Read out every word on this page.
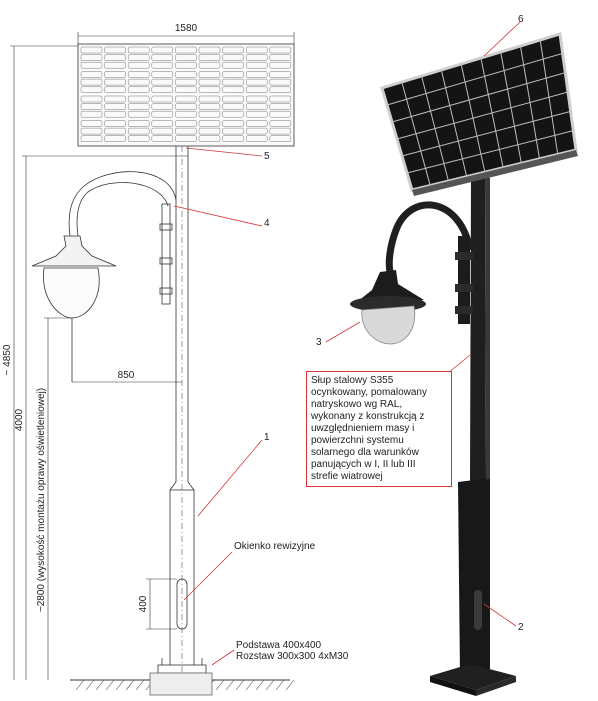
1580
~ 4850
4000 ~2800 (wysokość montażu oprawy oświetleniowej)
850
400
5
4
1
3
2
6
Okienko rewizyjne
Podstawa 400x400
Rozstaw 300x300 4xM30
Słup stalowy S355
ocynkowany, pomalowany
natryskowo wg RAL,
wykonany z konstrukcją z
uwzględnieniem masy i
powierzchni systemu
solarnego dla warunków
panujących w I, II lub III
strefie wiatrowej
